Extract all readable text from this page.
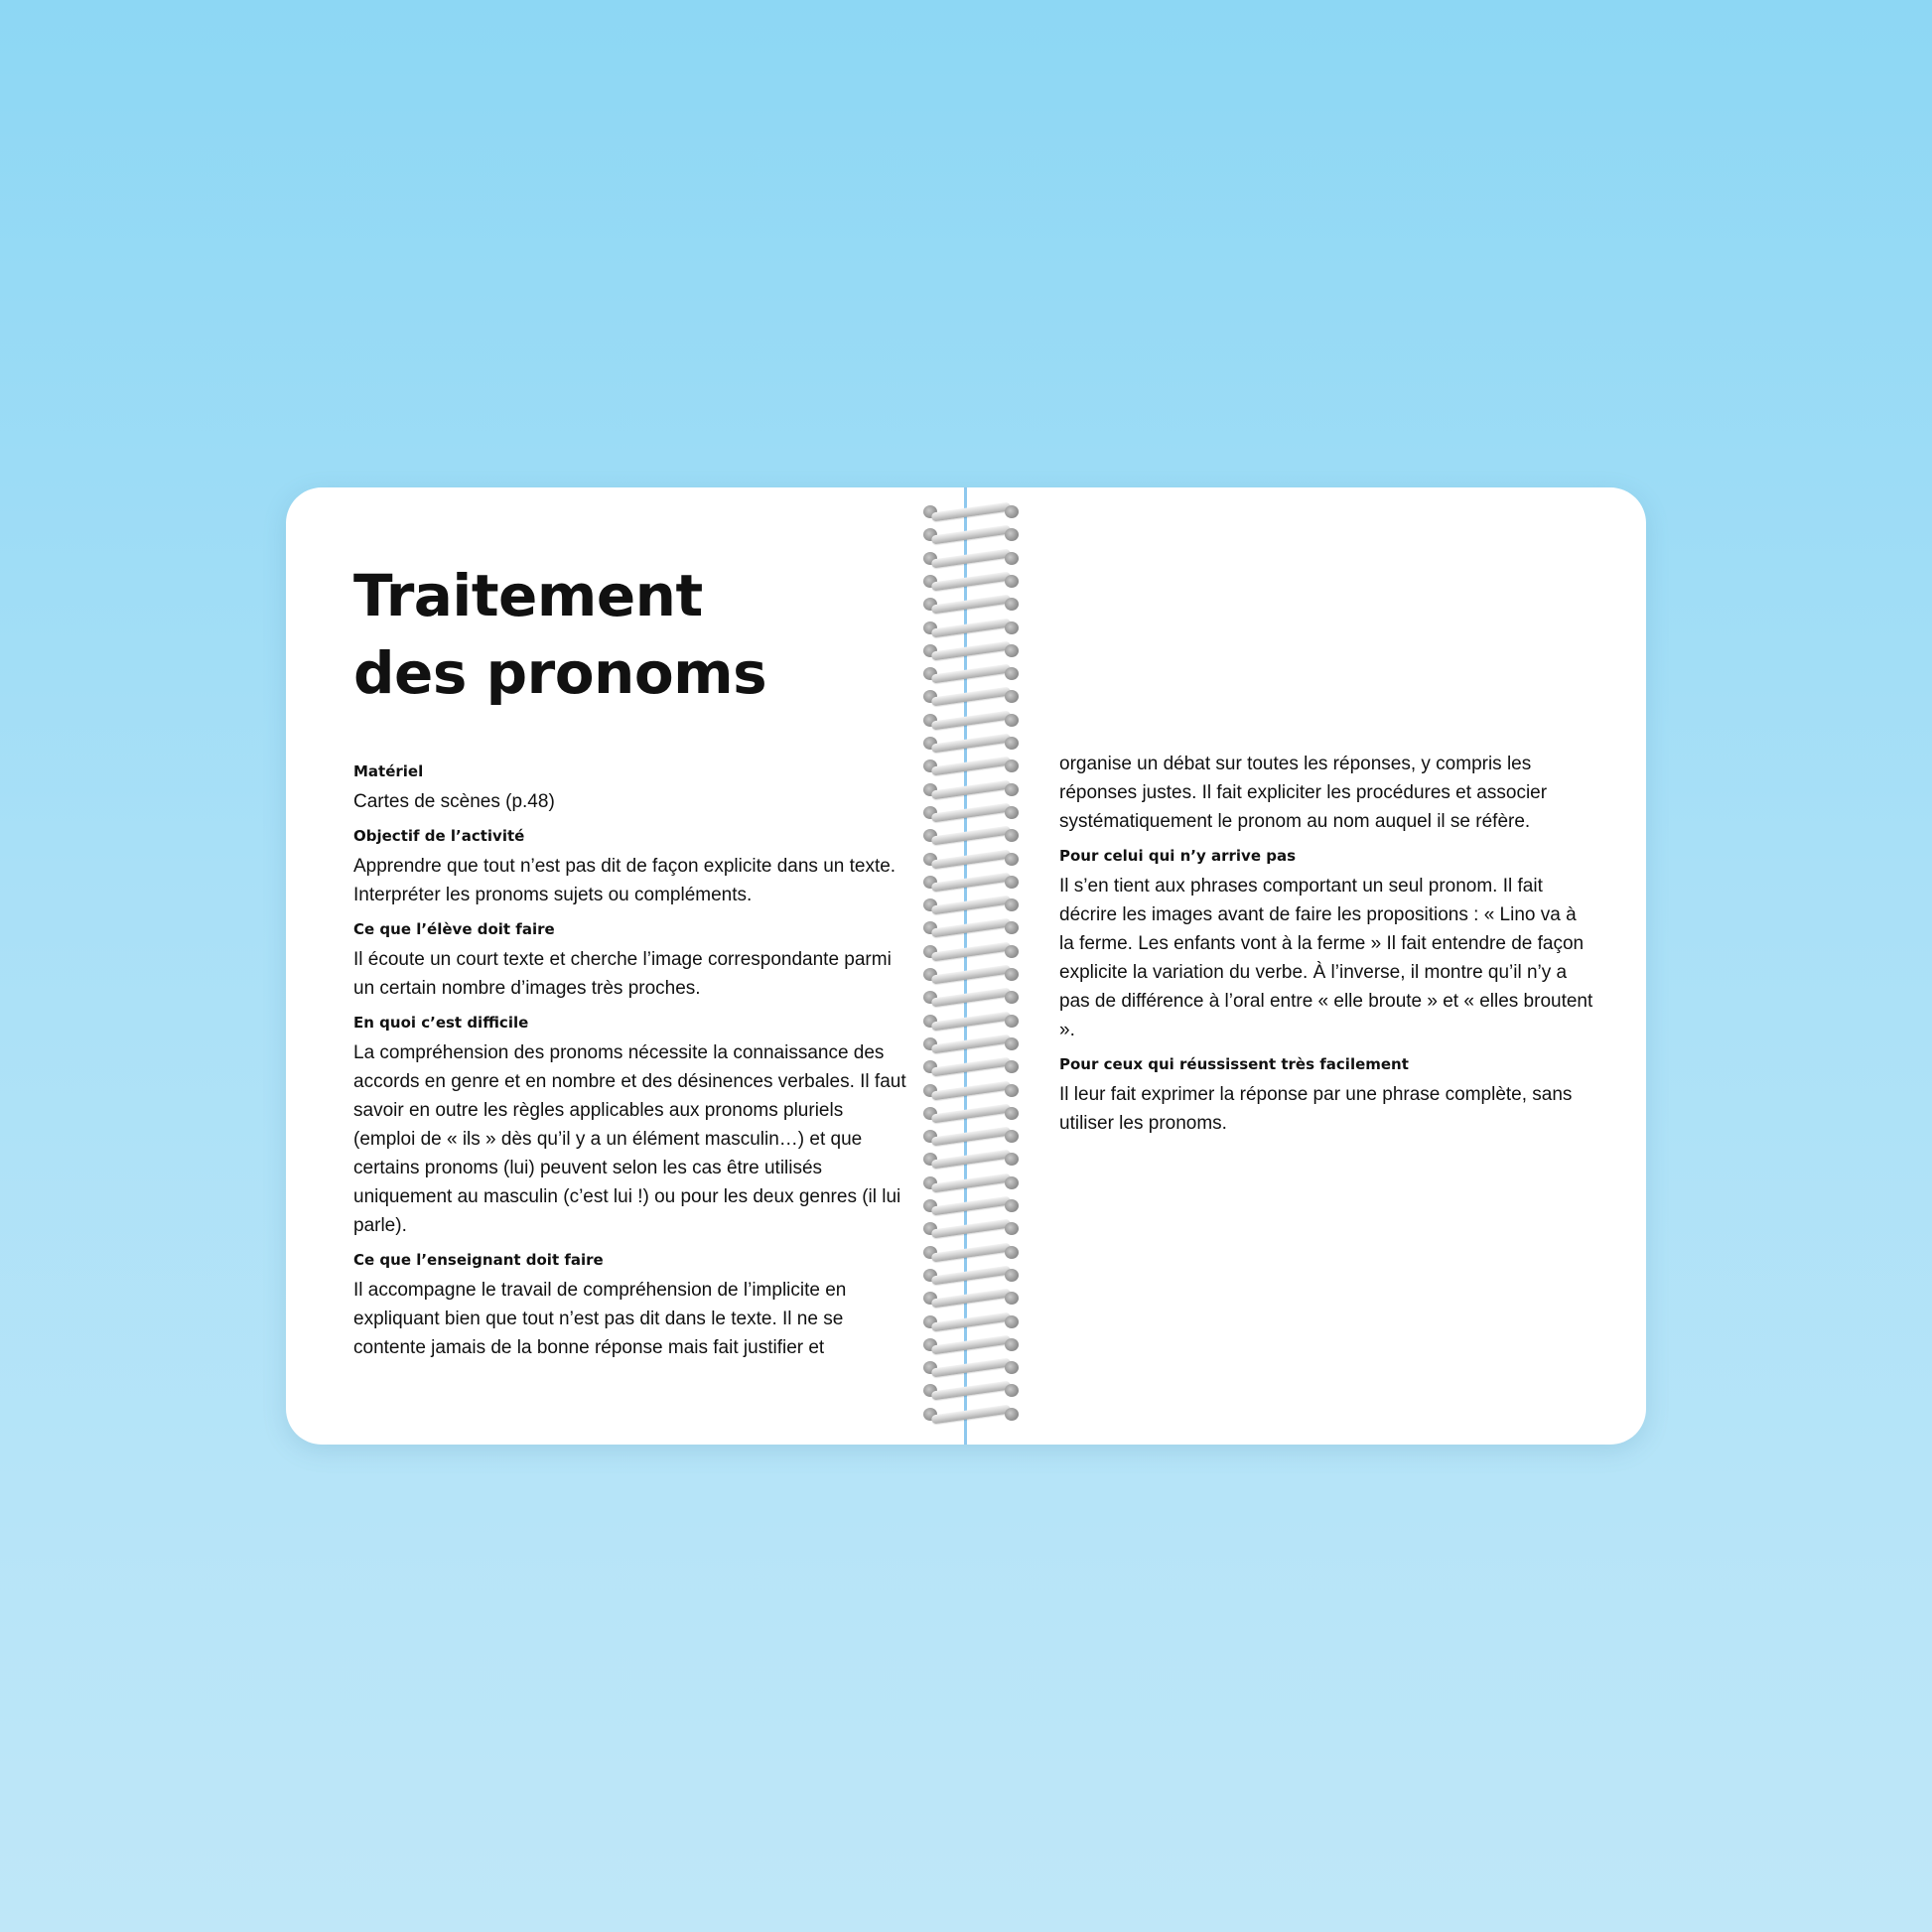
Traitement
des pronoms
Matériel
Cartes de scènes (p.48)
Objectif de l’activité
Apprendre que tout n’est pas dit de façon explicite dans un texte. Interpréter les pronoms sujets ou compléments.
Ce que l’élève doit faire
Il écoute un court texte et cherche l’image correspondante parmi un certain nombre d’images très proches.
En quoi c’est difficile
La compréhension des pronoms nécessite la connaissance des accords en genre et en nombre et des désinences verbales. Il faut savoir en outre les règles applicables aux pronoms pluriels (emploi de « ils » dès qu’il y a un élément masculin…) et que certains pronoms (lui) peuvent selon les cas être utilisés uniquement au masculin (c’est lui !) ou pour les deux genres (il lui parle).
Ce que l’enseignant doit faire
Il accompagne le travail de compréhension de l’implicite en expliquant bien que tout n’est pas dit dans le texte. Il ne se contente jamais de la bonne réponse mais fait justifier et
organise un débat sur toutes les réponses, y compris les réponses justes. Il fait expliciter les procédures et associer systématiquement le pronom au nom auquel il se réfère.
Pour celui qui n’y arrive pas
Il s’en tient aux phrases comportant un seul pronom. Il fait décrire les images avant de faire les propositions : « Lino va à la ferme. Les enfants vont à la ferme » Il fait entendre de façon explicite la variation du verbe. À l’inverse, il montre qu’il n’y a pas de différence à l’oral entre « elle broute » et « elles broutent ».
Pour ceux qui réussissent très facilement
Il leur fait exprimer la réponse par une phrase complète, sans utiliser les pronoms.
